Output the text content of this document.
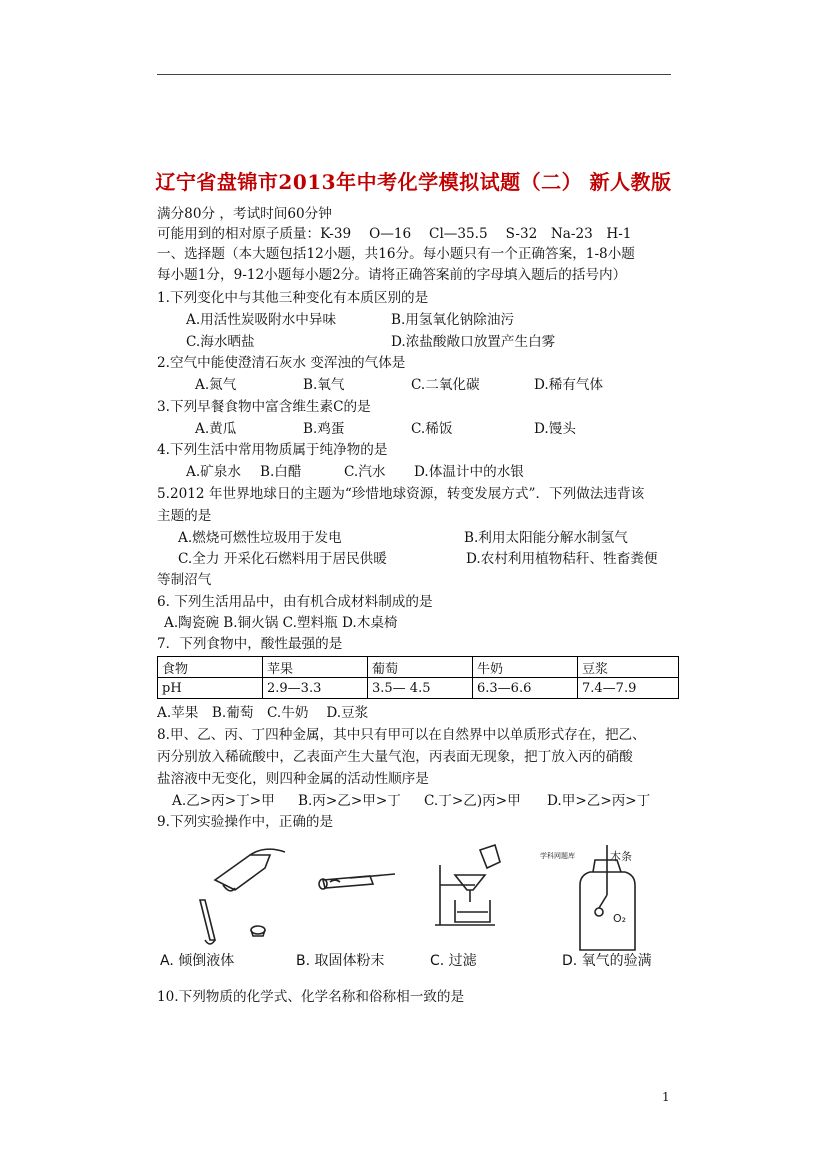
辽宁省盘锦市2013年中考化学模拟试题（二） 新人教版
满分80分 ，考试时间60分钟
可能用到的相对原子质量：K-39　 O—16　 Cl—35.5　 S-32　Na-23　H-1
一、选择题（本大题包括12小题，共16分。每小题只有一个正确答案，1-8小题
每小题1分，9-12小题每小题2分。请将正确答案前的字母填入题后的括号内）
1.下列变化中与其他三种变化有本质区别的是
A.用活性炭吸附水中异味	B.用氢氧化钠除油污
C.海水晒盐	D.浓盐酸敞口放置产生白雾
2.空气中能使澄清石灰水 变浑浊的气体是
A.氮气	B.氧气	C.二氧化碳	D.稀有气体
3.下列早餐食物中富含维生素C的是
A.黄瓜	B.鸡蛋	C.稀饭	D.馒头
4.下列生活中常用物质属于纯净物的是
A.矿泉水 B.白醋	C.汽水 D.体温计中的水银
5.2012 年世界地球日的主题为“珍惜地球资源，转变发展方式”．下列做法违背该
主题的是
A.燃烧可燃性垃圾用于发电	B.利用太阳能分解水制氢气
C.全力 开采化石燃料用于居民供暖	D.农村利用植物秸秆、牲畜粪便
等制沼气
6. 下列生活用品中，由有机合成材料制成的是
A.陶瓷碗 B.铜火锅 C.塑料瓶 D.木桌椅
7．下列食物中，酸性最强的是
食物	苹果	葡萄	牛奶	豆浆
pH	2.9—3.3	3.5— 4.5	6.3—6.6	7.4—7.9
A.苹果　B.葡萄　C.牛奶　 D.豆浆
8.甲、乙、丙、丁四种金属，其中只有甲可以在自然界中以单质形式存在，把乙、
丙分别放入稀硫酸中，乙表面产生大量气泡，丙表面无现象，把丁放入丙的硝酸
盐溶液中无变化，则四种金属的活动性顺序是
A.乙>丙>丁>甲 B.丙>乙>甲>丁 C.丁>乙)丙>甲 D.甲>乙>丙>丁
9.下列实验操作中，正确的是
学科网题库	木条
O₂
A. 倾倒液体	B. 取固体粉末	C. 过滤	D. 氧气的验满
10.下列物质的化学式、化学名称和俗称相一致的是
1
